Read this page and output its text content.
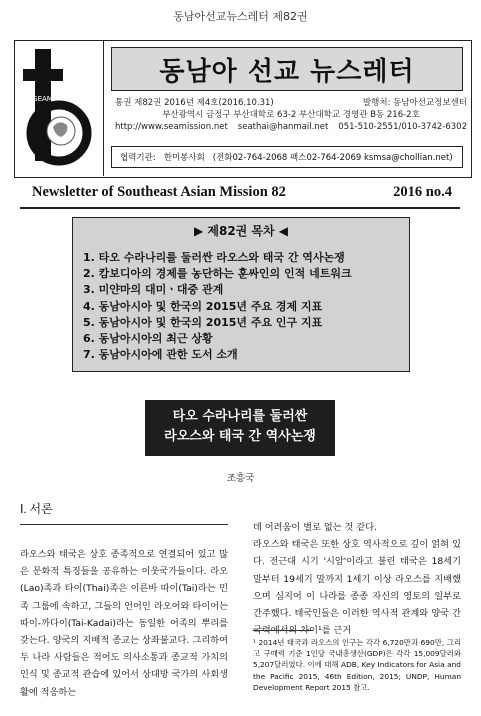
동남아선교뉴스레터 제82권
SEAM
동남아 선교 뉴스레터
통권 제82권 2016년 제4호(2016.10.31)	발행처: 동남아선교정보센터
부산광역시 금정구 부산대학로 63-2 부산대학교 경영관 B동 216-2호
http://www.seamission.net seathai@hanmail.net 051-510-2551/010-3742-6302
협력기관: 한미봉사회 (전화02-764-2068 팩스02-764-2069 ksmsa@chollian.net)
Newsletter of Southeast Asian Mission 82	2016 no.4
▶ 제82권 목차 ◀
1. 타오 수라나리를 둘러싼 라오스와 태국 간 역사논쟁
2. 캄보디아의 경제를 농단하는 훈싸인의 인적 네트워크
3. 미얀마의 대미ㆍ대중 관계
4. 동남아시아 및 한국의 2015년 주요 경제 지표
5. 동남아시아 및 한국의 2015년 주요 인구 지표
6. 동남아시아의 최근 상황
7. 동남아시아에 관한 도서 소개
타오 수라나리를 둘러싼
라오스와 태국 간 역사논쟁
조흥국
Ⅰ. 서론

라오스와 태국은 상호 종족적으로 연결되어 있고 많은 문화적 특징들을 공유하는 이웃국가들이다. 라오(Lao)족과 타이(Thai)족은 이른바 따이(Tai)라는 민족 그룹에 속하고, 그들의 언어인 라오어와 타이어는 따이-까다이(Tai-Kadai)라는 동일한 어족의 뿌리를 갖는다. 양국의 지배적 종교는 상좌불교다. 그리하여 두 나라 사람들은 적어도 의사소통과 종교적 가치의 인식 및 종교적 관습에 있어서 상대방 국가의 사회생활에 적응하는

데 어려움이 별로 없는 것 같다.

라오스와 태국은 또한 상호 역사적으로 깊이 얽혀 있다. 전근대 시기 '시암'이라고 불린 태국은 18세기 말부터 19세기 말까지 1세기 이상 라오스를 지배했으며 심지어 이 나라를 종종 자신의 영토의 일부로 간주했다. 태국인들은 이러한 역사적 관계와 양국 간 국력에서의 차이¹를 근거

¹ 2014년 태국과 라오스의 인구는 각각 6,720만과 690만, 그리고 구매력 기준 1인당 국내총생산(GDP)은 각각 15,009달러와 5,207달러였다. 이에 대해 ADB, Key Indicators for Asia and the Pacific 2015, 46th Edition, 2015; UNDP, Human Development Report 2015 참고.
